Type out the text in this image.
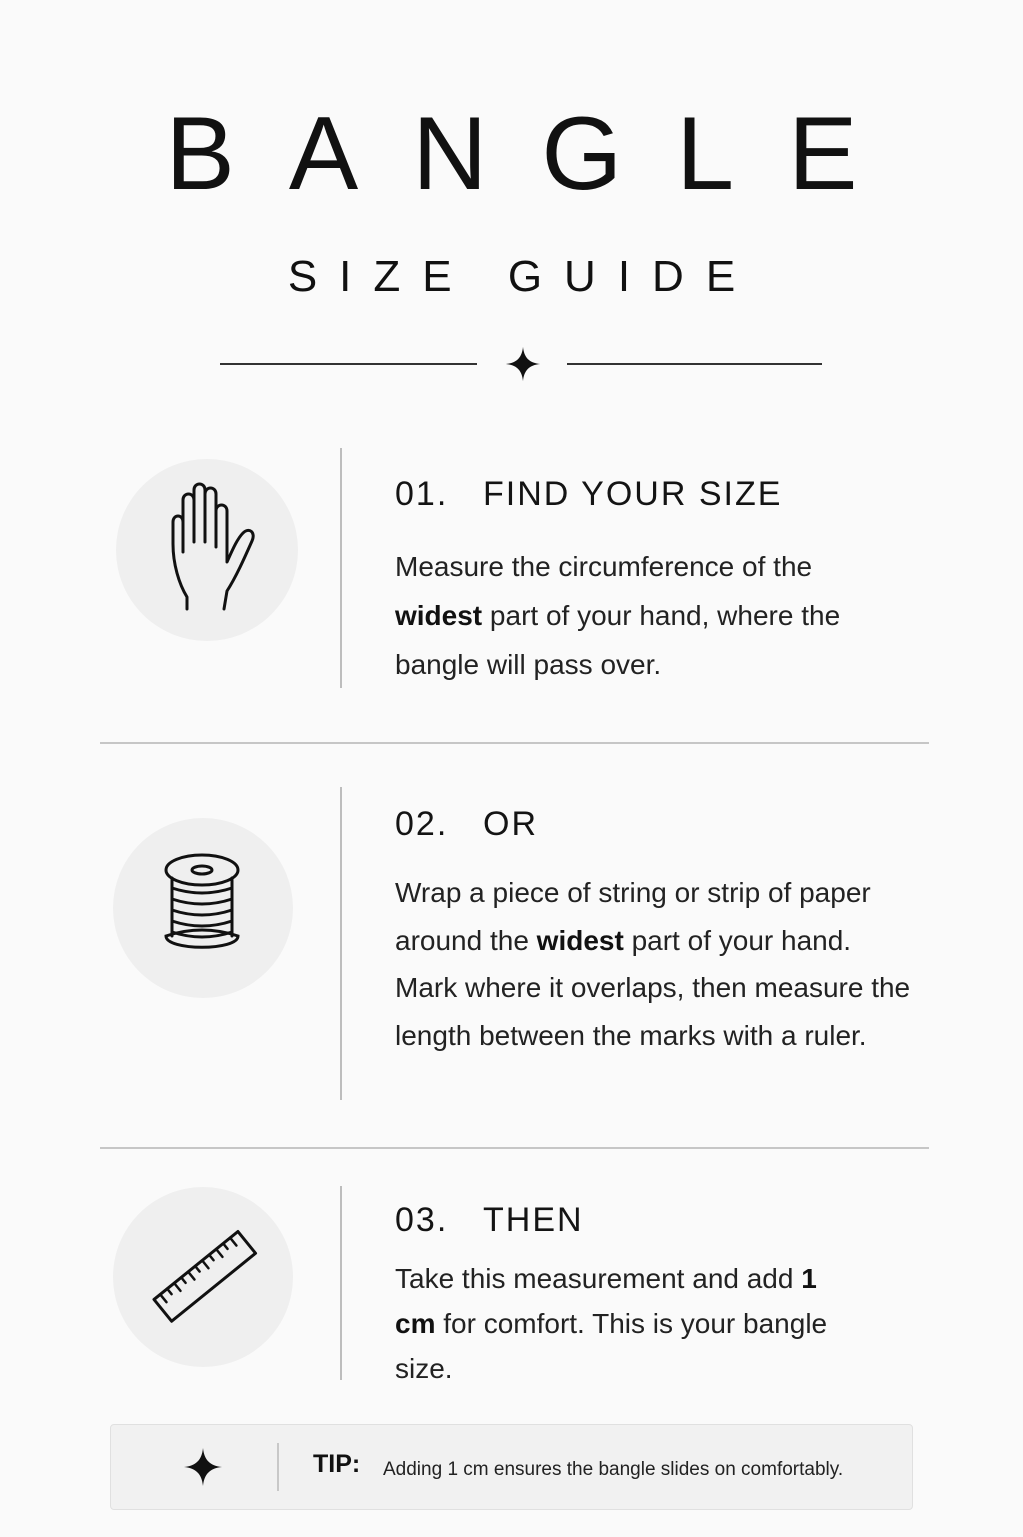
BANGLE
SIZE GUIDE
01. FIND YOUR SIZE

Measure the circumference of the widest part of your hand, where the bangle will pass over.

02. OR

Wrap a piece of string or strip of paper around the widest part of your hand. Mark where it overlaps, then measure the length between the marks with a ruler.

03. THEN

Take this measurement and add 1 cm for comfort. This is your bangle size.

TIP: Adding 1 cm ensures the bangle slides on comfortably.
